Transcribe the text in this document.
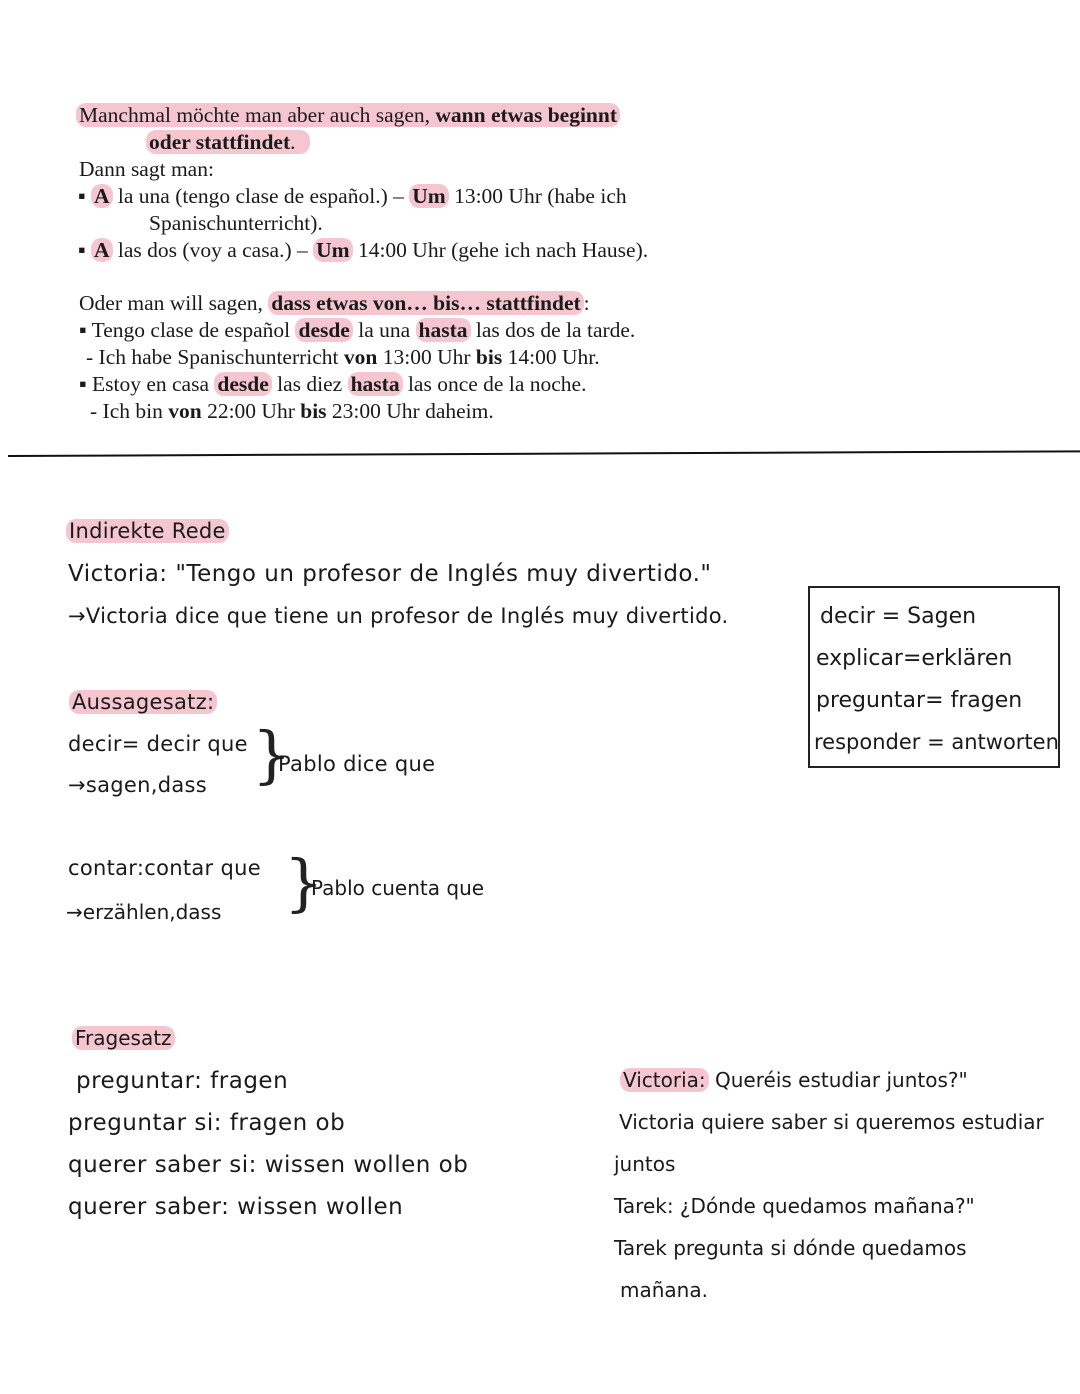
Manchmal möchte man aber auch sagen, wann etwas beginnt
oder stattfindet.
Dann sagt man:
▪ A la una (tengo clase de español.) – Um 13:00 Uhr (habe ich
Spanischunterricht).
▪ A las dos (voy a casa.) – Um 14:00 Uhr (gehe ich nach Hause).
Oder man will sagen, dass etwas von… bis… stattfindet :
▪ Tengo clase de español desde la una hasta las dos de la tarde.
- Ich habe Spanischunterricht von 13:00 Uhr bis 14:00 Uhr.
▪ Estoy en casa desde las diez hasta las once de la noche.
- Ich bin von 22:00 Uhr bis 23:00 Uhr daheim.
Indirekte Rede
Victoria: "Tengo un profesor de Inglés muy divertido."
→Victoria dice que tiene un profesor de Inglés muy divertido.	decir = Sagen
explicar=erklären
preguntar= fragen
responder = antworten
Aussagesatz:
decir= decir que
→sagen,dass }
Pablo dice que
contar:contar que
→erzählen,dass }
Pablo cuenta que
Fragesatz
preguntar: fragen
preguntar si: fragen ob
querer saber si: wissen wollen ob
querer saber: wissen wollen
Victoria: Queréis estudiar juntos?"
Victoria quiere saber si queremos estudiar
juntos
Tarek: ¿Dónde quedamos mañana?"
Tarek pregunta si dónde quedamos
mañana.
